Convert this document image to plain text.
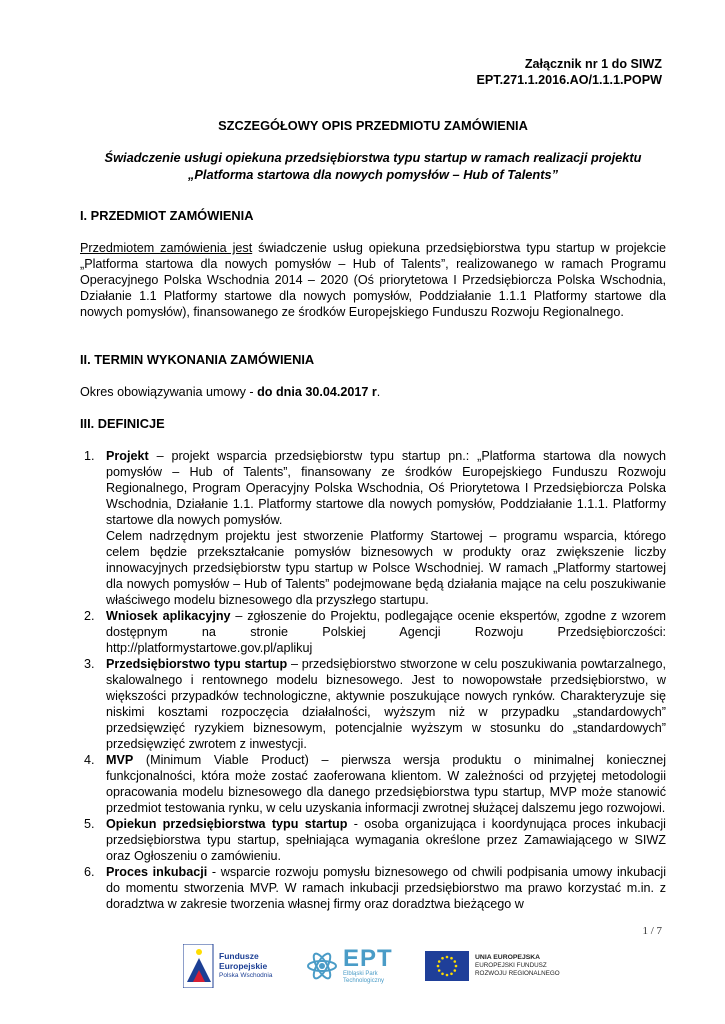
Załącznik nr 1 do SIWZ
EPT.271.1.2016.AO/1.1.1.POPW
SZCZEGÓŁOWY OPIS PRZEDMIOTU ZAMÓWIENIA
Świadczenie usługi opiekuna przedsiębiorstwa typu startup w ramach realizacji projektu
„Platforma startowa dla nowych pomysłów – Hub of Talents”
I. PRZEDMIOT ZAMÓWIENIA
Przedmiotem zamówienia jest świadczenie usług opiekuna przedsiębiorstwa typu startup w projekcie „Platforma startowa dla nowych pomysłów – Hub of Talents”, realizowanego w ramach Programu Operacyjnego Polska Wschodnia 2014 – 2020 (Oś priorytetowa I Przedsiębiorcza Polska Wschodnia, Działanie 1.1 Platformy startowe dla nowych pomysłów, Poddziałanie 1.1.1 Platformy startowe dla nowych pomysłów), finansowanego ze środków Europejskiego Funduszu Rozwoju Regionalnego.
II. TERMIN WYKONANIA ZAMÓWIENIA
Okres obowiązywania umowy - do dnia 30.04.2017 r.
III. DEFINICJE
1. Projekt – projekt wsparcia przedsiębiorstw typu startup pn.: „Platforma startowa dla nowych pomysłów – Hub of Talents”, finansowany ze środków Europejskiego Funduszu Rozwoju Regionalnego, Program Operacyjny Polska Wschodnia, Oś Priorytetowa I Przedsiębiorcza Polska Wschodnia, Działanie 1.1. Platformy startowe dla nowych pomysłów, Poddziałanie 1.1.1. Platformy startowe dla nowych pomysłów.
Celem nadrzędnym projektu jest stworzenie Platformy Startowej – programu wsparcia, którego celem będzie przekształcanie pomysłów biznesowych w produkty oraz zwiększenie liczby innowacyjnych przedsiębiorstw typu startup w Polsce Wschodniej. W ramach „Platformy startowej dla nowych pomysłów – Hub of Talents” podejmowane będą działania mające na celu poszukiwanie właściwego modelu biznesowego dla przyszłego startupu.
2. Wniosek aplikacyjny – zgłoszenie do Projektu, podlegające ocenie ekspertów, zgodne z wzorem dostępnym na stronie Polskiej Agencji Rozwoju Przedsiębiorczości: http://platformystartowe.gov.pl/aplikuj
3. Przedsiębiorstwo typu startup – przedsiębiorstwo stworzone w celu poszukiwania powtarzalnego, skalowalnego i rentownego modelu biznesowego. Jest to nowopowstałe przedsiębiorstwo, w większości przypadków technologiczne, aktywnie poszukujące nowych rynków. Charakteryzuje się niskimi kosztami rozpoczęcia działalności, wyższym niż w przypadku „standardowych” przedsięwzięć ryzykiem biznesowym, potencjalnie wyższym w stosunku do „standardowych” przedsięwzięć zwrotem z inwestycji.
4. MVP (Minimum Viable Product) – pierwsza wersja produktu o minimalnej koniecznej funkcjonalności, która może zostać zaoferowana klientom. W zależności od przyjętej metodologii opracowania modelu biznesowego dla danego przedsiębiorstwa typu startup, MVP może stanowić przedmiot testowania rynku, w celu uzyskania informacji zwrotnej służącej dalszemu jego rozwojowi.
5. Opiekun przedsiębiorstwa typu startup - osoba organizująca i koordynująca proces inkubacji przedsiębiorstwa typu startup, spełniająca wymagania określone przez Zamawiającego w SIWZ oraz Ogłoszeniu o zamówieniu.
6. Proces inkubacji - wsparcie rozwoju pomysłu biznesowego od chwili podpisania umowy inkubacji do momentu stworzenia MVP. W ramach inkubacji przedsiębiorstwo ma prawo korzystać m.in. z doradztwa w zakresie tworzenia własnej firmy oraz doradztwa bieżącego w
1 / 7
Fundusze
Europejskie
Polska Wschodnia
EPT
Elbląski Park
Technologiczny
UNIA EUROPEJSKA
EUROPEJSKI FUNDUSZ
ROZWOJU REGIONALNEGO
